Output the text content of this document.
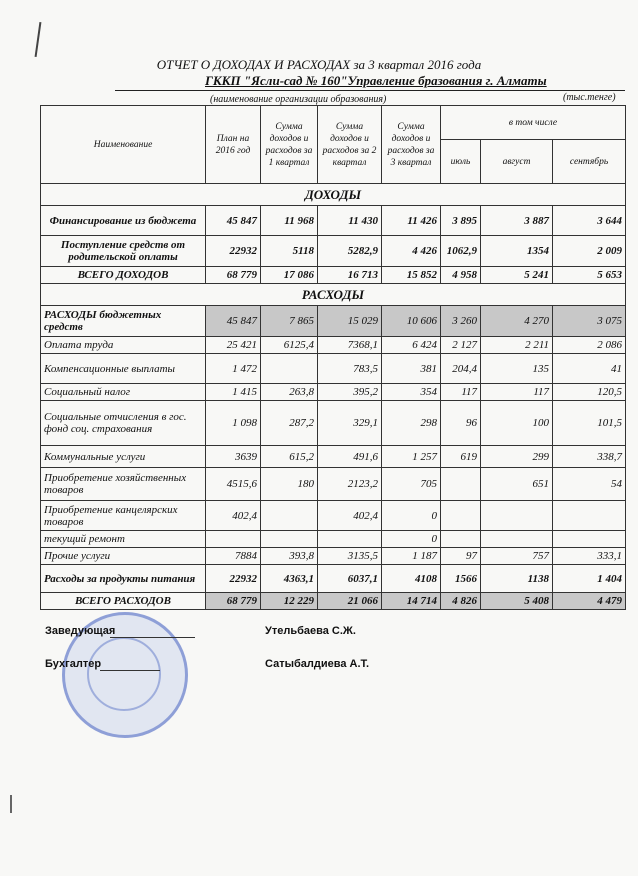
ОТЧЕТ О ДОХОДАХ И РАСХОДАХ за 3 квартал 2016 года
ГККП "Ясли-сад № 160"Управление бразования г. Алматы
(наименование организации образования)	(тыс.тенге)
Наименование	План на 2016 год	Сумма доходов и расходов за 1 квартал	Сумма доходов и расходов за 2 квартал	Сумма доходов и расходов за 3 квартал	в том числе		
					июль	август	сентябрь
ДОХОДЫ							
Финансирование из бюджета	45 847	11 968	11 430	11 426	3 895	3 887	3 644
Поступление средств от родительской оплаты	22932	5118	5282,9	4 426	1062,9	1354	2 009
ВСЕГО ДОХОДОВ	68 779	17 086	16 713	15 852	4 958	5 241	5 653
РАСХОДЫ							
РАСХОДЫ бюджетных средств	45 847	7 865	15 029	10 606	3 260	4 270	3 075
Оплата труда	25 421	6125,4	7368,1	6 424	2 127	2 211	2 086
Компенсационные выплаты	1 472		783,5	381	204,4	135	41
Социальный налог	1 415	263,8	395,2	354	117	117	120,5
Социальные отчисления в гос. фонд соц. страхования	1 098	287,2	329,1	298	96	100	101,5
Коммунальные услуги	3639	615,2	491,6	1 257	619	299	338,7
Приобретение хозяйственных товаров	4515,6	180	2123,2	705		651	54
Приобретение канцелярских товаров	402,4		402,4	0			
текущий ремонт				0			
Прочие услуги	7884	393,8	3135,5	1 187	97	757	333,1
Расходы за продукты питания	22932	4363,1	6037,1	4108	1566	1138	1 404
ВСЕГО РАСХОДОВ	68 779	12 229	21 066	14 714	4 826	5 408	4 479
Заведующая	Утельбаева С.Ж.
Бухгалтер	Сатыбалдиева А.Т.
